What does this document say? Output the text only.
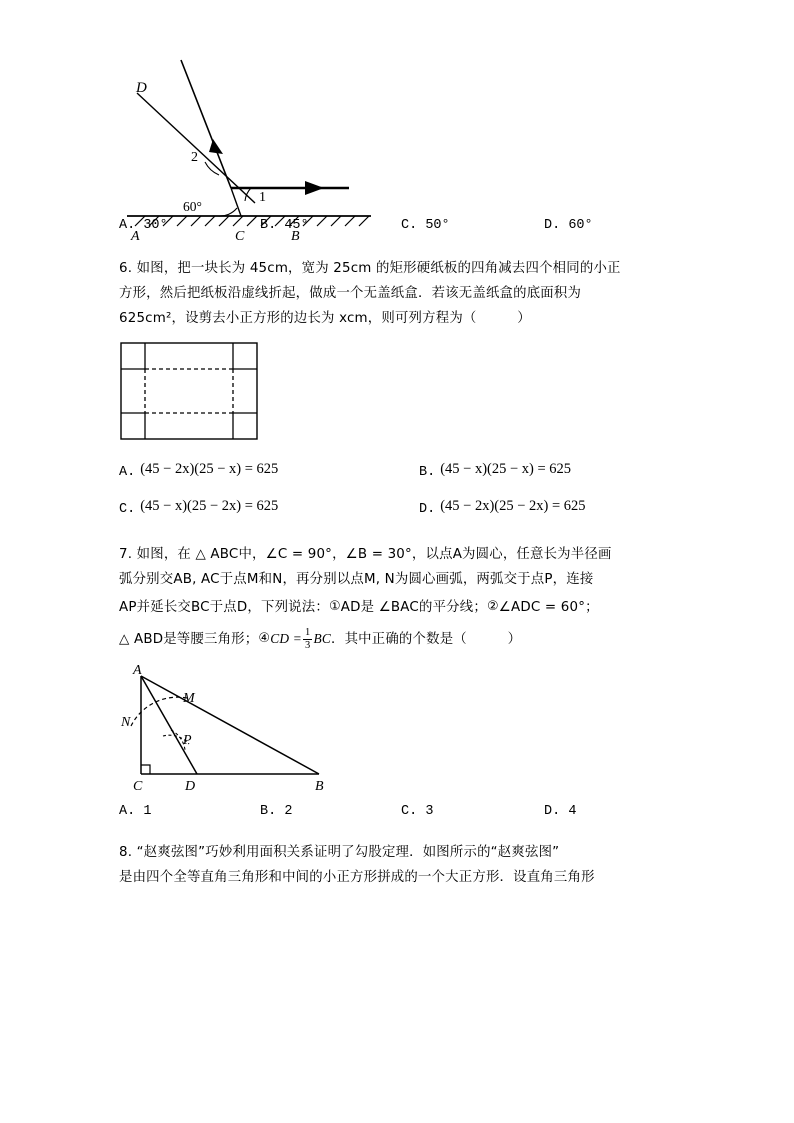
D
2
1
60°
A	C	B
A. 30°	B. 45°	C. 50°	D. 60°
6. 如图，把一块长为 45cm，宽为 25cm 的矩形硬纸板的四角减去四个相同的小正
方形，然后把纸板沿虚线折起，做成一个无盖纸盒．若该无盖纸盒的底面积为
625cm²，设剪去小正方形的边长为 xcm，则可列方程为（　　　）
A. (45 − 2x)(25 − x) = 625	B. (45 − x)(25 − x) = 625
C. (45 − x)(25 − 2x) = 625	D. (45 − 2x)(25 − 2x) = 625
7. 如图，在 △ ABC中，∠C = 90°，∠B = 30°，以点A为圆心，任意长为半径画
弧分别交AB, AC于点M和N，再分别以点M, N为圆心画弧，两弧交于点P，连接
AP并延长交BC于点D，下列说法：①AD是 ∠BAC的平分线；②∠ADC = 60°；
△ ABD是等腰三角形；④CD = $\frac{1}{3}$ BC．其中正确的个数是（　　　）
A
M
N
P
C	D	B
A. 1	B. 2	C. 3	D. 4
8. “赵爽弦图”巧妙利用面积关系证明了勾股定理．如图所示的“赵爽弦图”
是由四个全等直角三角形和中间的小正方形拼成的一个大正方形．设直角三角形
